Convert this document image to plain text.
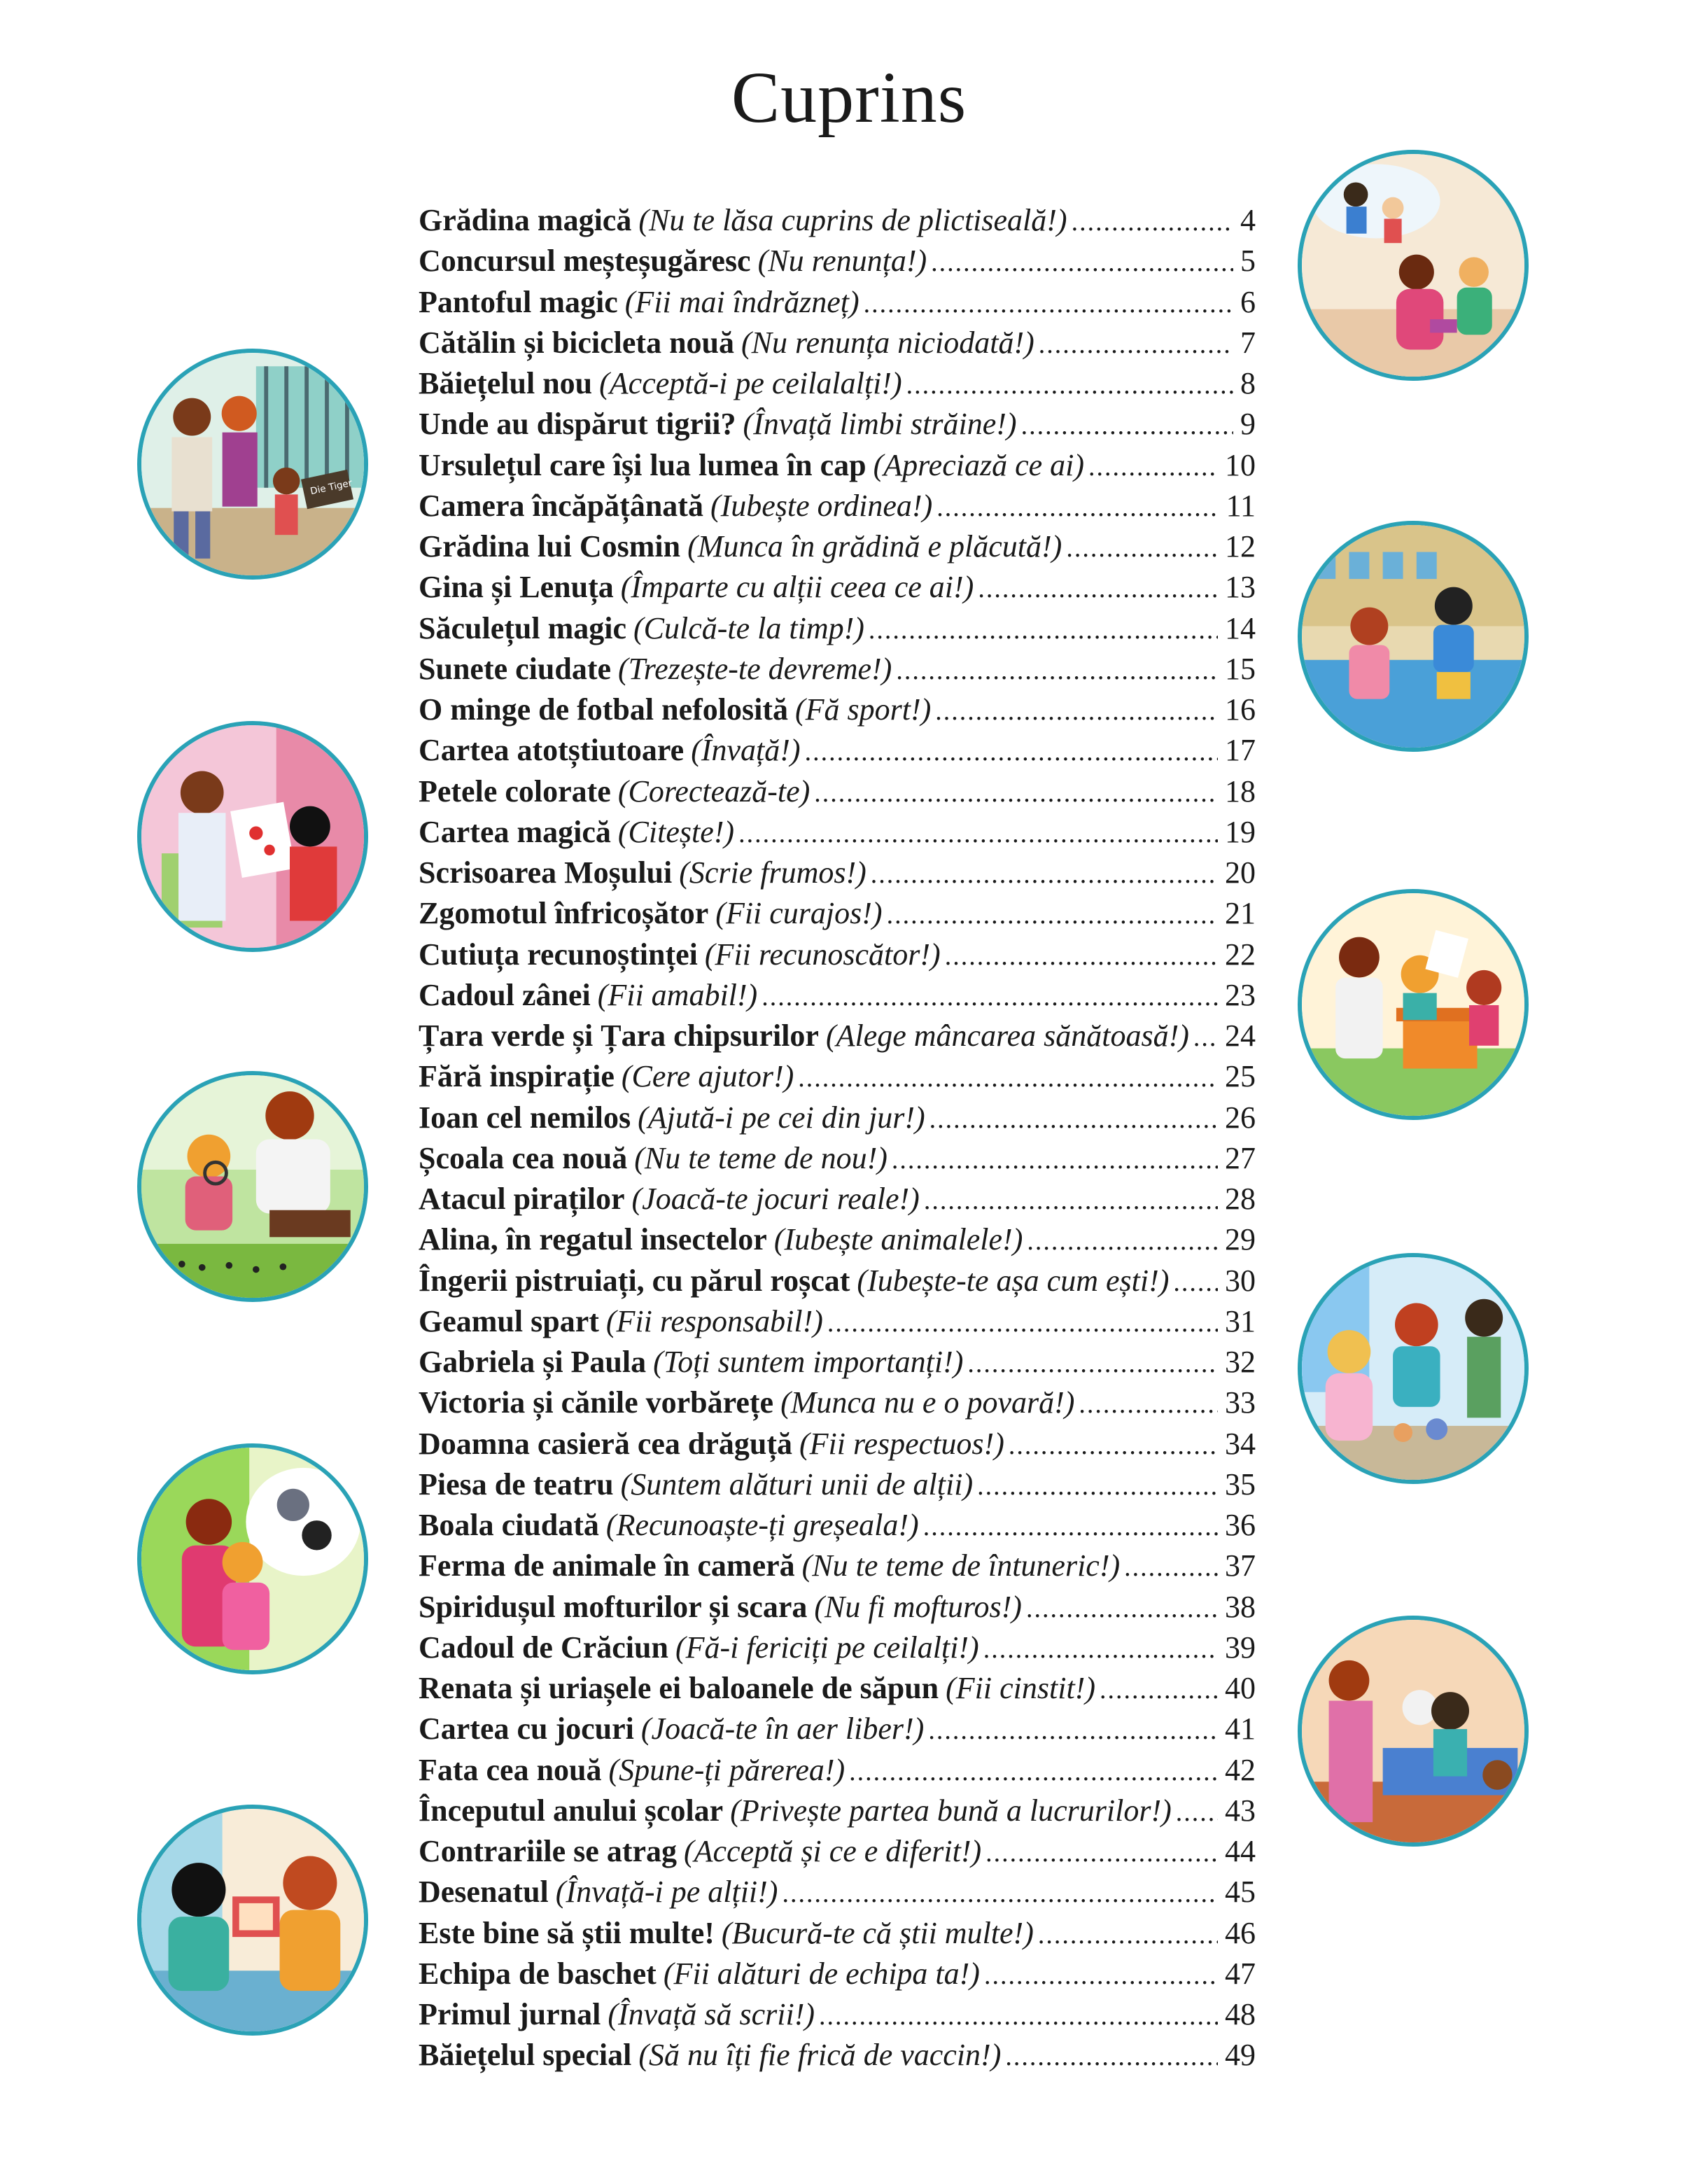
Cuprins
Grădina magică (Nu te lăsa cuprins de plictiseală!) .....	4
Concursul meșteșugăresc (Nu renunța!) .....	5
Pantoful magic (Fii mai îndrăzneț) .....	6
Cătălin și bicicleta nouă (Nu renunța niciodată!) .....	7
Băiețelul nou (Acceptă-i pe ceilalalți!) .....	8
Unde au dispărut tigrii? (Învață limbi străine!) .....	9
Ursulețul care își lua lumea în cap (Apreciază ce ai) .....	10
Camera încăpățânată (Iubește ordinea!) .....	11
Grădina lui Cosmin (Munca în grădină e plăcută!) .....	12
Gina și Lenuța (Împarte cu alții ceea ce ai!) .....	13
Săculețul magic (Culcă-te la timp!) .....	14
Sunete ciudate (Trezește-te devreme!) .....	15
O minge de fotbal nefolosită (Fă sport!) .....	16
Cartea atotștiutoare (Învață!) .....	17
Petele colorate (Corectează-te) .....	18
Cartea magică (Citește!) .....	19
Scrisoarea Moșului (Scrie frumos!) .....	20
Zgomotul înfricoșător (Fii curajos!) .....	21
Cutiuța recunoștinței (Fii recunoscător!) .....	22
Cadoul zânei (Fii amabil!) .....	23
Țara verde și Țara chipsurilor (Alege mâncarea sănătoasă!) ..... 24
Fără inspirație (Cere ajutor!) .....	25
Ioan cel nemilos (Ajută-i pe cei din jur!) .....	26
Școala cea nouă (Nu te teme de nou!) .....	27
Atacul piraților (Joacă-te jocuri reale!) .....	28
Alina, în regatul insectelor (Iubește animalele!) .....	29
Îngerii pistruiați, cu părul roșcat (Iubește-te așa cum ești!) ..... 30
Geamul spart (Fii responsabil!) .....	31
Gabriela și Paula (Toți suntem importanți!) .....	32
Victoria și cănile vorbărețe (Munca nu e o povară!) .....	33
Doamna casieră cea drăguță (Fii respectuos!) .....	34
Piesa de teatru (Suntem alături unii de alții) .....	35
Boala ciudată (Recunoaște-ți greșeala!) .....	36
Ferma de animale în cameră (Nu te teme de întuneric!) .....	37
Spiridușul mofturilor și scara (Nu fi mofturos!) .....	38
Cadoul de Crăciun (Fă-i fericiți pe ceilalți!) .....	39
Renata și uriașele ei baloanele de săpun (Fii cinstit!) .....	40
Cartea cu jocuri (Joacă-te în aer liber!) .....	41
Fata cea nouă (Spune-ți părerea!) .....	42
Începutul anului școlar (Privește partea bună a lucrurilor!) ..... 43
Contrariile se atrag (Acceptă și ce e diferit!) .....	44
Desenatul (Învață-i pe alții!) .....	45
Este bine să știi multe! (Bucură-te că știi multe!) .....	46
Echipa de baschet (Fii alături de echipa ta!) .....	47
Primul jurnal (Învață să scrii!) .....	48
Băiețelul special (Să nu îți fie frică de vaccin!) .....	49
Die Tiger
